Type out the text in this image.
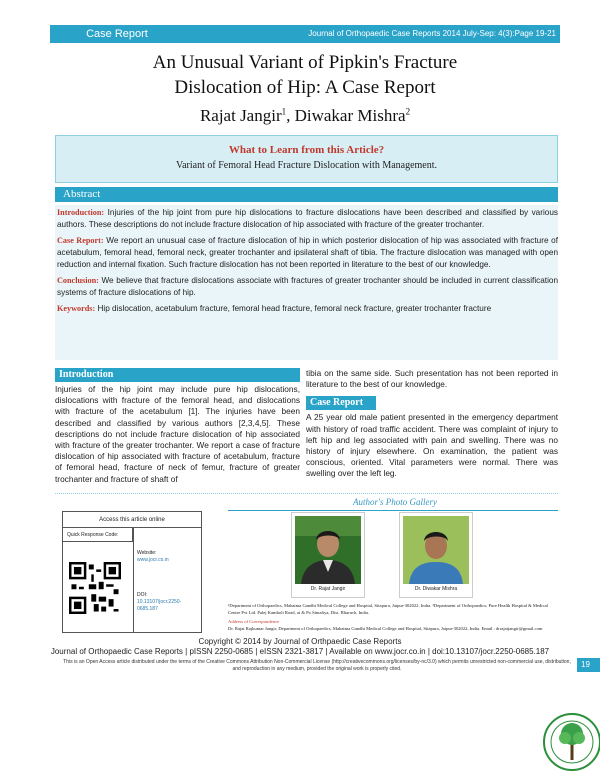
Case Report	Journal of Orthopaedic Case Reports 2014 July-Sep: 4(3):Page 19-21
An Unusual Variant of Pipkin's Fracture
Dislocation of Hip: A Case Report
Rajat Jangir$^1$, Diwakar Mishra$^2$
What to Learn from this Article?
Variant of Femoral Head Fracture Dislocation with Management.
Abstract

Introduction: Injuries of the hip joint from pure hip dislocations to fracture dislocations have been described and classified by various authors. These descriptions do not include fracture dislocation of hip associated with fracture of the greater trochanter.

Case Report: We report an unusual case of fracture dislocation of hip in which posterior dislocation of hip was associated with fracture of acetabulum, femoral head, femoral neck, greater trochanter and ipsilateral shaft of tibia. The fracture dislocation was managed with open reduction and internal fixation. Such fracture dislocation has not been reported in literature to the best of our knowledge.

Conclusion: We believe that fracture dislocations associate with fractures of greater trochanter should be included in current classification systems of fracture dislocations of hip.

Keywords: Hip dislocation, acetabulum fracture, femoral head fracture, femoral neck fracture, greater trochanter fracture

Introduction
Injuries of the hip joint may include pure hip dislocations, dislocations with fracture of the femoral head, and dislocations with fracture of the acetabulum [1]. The injuries have been described and classified by various authors [2,3,4,5]. These descriptions do not include fracture dislocation of hip associated with fracture of the greater trochanter. We report a case of fracture dislocation of hip associated with fracture of acetabulum, fracture of femoral head, fracture of neck of femur, fracture of greater trochanter and fracture of shaft of
tibia on the same side. Such presentation has not been reported in literature to the best of our knowledge.
Case Report
A 25 year old male patient presented in the emergency department with history of road traffic accident. There was complaint of injury to left hip and leg associated with pain and swelling. There was no history of injury elsewhere. On examination, the patient was conscious, oriented. Vital parameters were normal. There was swelling over the left leg.
Access this article online
Quick Response Code:
Website:
www.jocr.co.in
DOI:
10.13107/jocr.2250-0685.187
Author's Photo Gallery
Dr. Rajat Jangir	Dr. Diwakar Mishra
¹Department of Orthopaedics, Mahatma Gandhi Medical College and Hospital, Sitapura, Jaipur-302022. India. ²Department of Orthopaedics, Pure Health Hospital & Medical Centre Pvt Ltd. Palej Kamboli Road, at & Po Simaliya, Dist. Bharuch, India.
Address of Correspondence
Dr. Rajat Rajkumar Jangir, Department of Orthopaedics, Mahatma Gandhi Medical College and Hospital, Sitapura, Jaipur-302022, India. Email : drrajatjangir@gmail.com
Copyright © 2014 by Journal of Orthpaedic Case Reports
Journal of Orthopaedic Case Reports | pISSN 2250-0685 | eISSN 2321-3817 | Available on www.jocr.co.in | doi:10.13107/jocr.2250-0685.187
This is an Open Access article distributed under the terms of the Creative Commons Attribution Non-Commercial License (http://creativecommons.org/licenses/by-nc/3.0) which permits unrestricted non-commercial use, distribution, and reproduction in any medium, provided the original work is properly cited.	19
